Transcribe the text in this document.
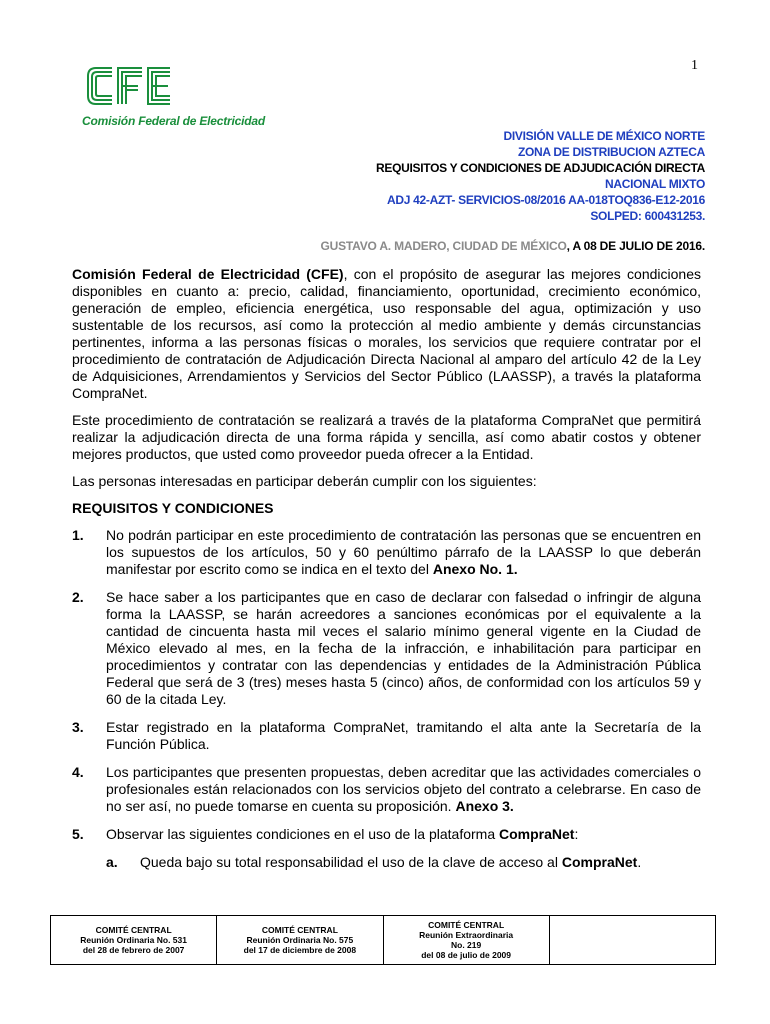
1
Comisión Federal de Electricidad
DIVISIÓN VALLE DE MÉXICO NORTE
ZONA DE DISTRIBUCION AZTECA
REQUISITOS Y CONDICIONES DE ADJUDICACIÓN DIRECTA
NACIONAL MIXTO
ADJ 42-AZT- SERVICIOS-08/2016 AA-018TOQ836-E12-2016
SOLPED: 600431253.
GUSTAVO A. MADERO, CIUDAD DE MÉXICO, A 08 DE JULIO DE 2016.

Comisión Federal de Electricidad (CFE), con el propósito de asegurar las mejores condiciones disponibles en cuanto a: precio, calidad, financiamiento, oportunidad, crecimiento económico, generación de empleo, eficiencia energética, uso responsable del agua, optimización y uso sustentable de los recursos, así como la protección al medio ambiente y demás circunstancias pertinentes, informa a las personas físicas o morales, los servicios que requiere contratar por el procedimiento de contratación de Adjudicación Directa Nacional al amparo del artículo 42 de la Ley de Adquisiciones, Arrendamientos y Servicios del Sector Público (LAASSP), a través la plataforma CompraNet.

Este procedimiento de contratación se realizará a través de la plataforma CompraNet que permitirá realizar la adjudicación directa de una forma rápida y sencilla, así como abatir costos y obtener mejores productos, que usted como proveedor pueda ofrecer a la Entidad.

Las personas interesadas en participar deberán cumplir con los siguientes:

REQUISITOS Y CONDICIONES
1.	No podrán participar en este procedimiento de contratación las personas que se encuentren en los supuestos de los artículos, 50 y 60 penúltimo párrafo de la LAASSP lo que deberán manifestar por escrito como se indica en el texto del Anexo No. 1.
2.	Se hace saber a los participantes que en caso de declarar con falsedad o infringir de alguna forma la LAASSP, se harán acreedores a sanciones económicas por el equivalente a la cantidad de cincuenta hasta mil veces el salario mínimo general vigente en la Ciudad de México elevado al mes, en la fecha de la infracción, e inhabilitación para participar en procedimientos y contratar con las dependencias y entidades de la Administración Pública Federal que será de 3 (tres) meses hasta 5 (cinco) años, de conformidad con los artículos 59 y 60 de la citada Ley.
3.	Estar registrado en la plataforma CompraNet, tramitando el alta ante la Secretaría de la Función Pública.
4.	Los participantes que presenten propuestas, deben acreditar que las actividades comerciales o profesionales están relacionados con los servicios objeto del contrato a celebrarse. En caso de no ser así, no puede tomarse en cuenta su proposición. Anexo 3.
5.	Observar las siguientes condiciones en el uso de la plataforma CompraNet:
a.	Queda bajo su total responsabilidad el uso de la clave de acceso al CompraNet.
COMITÉ CENTRAL
Reunión Ordinaria No. 531
del 28 de febrero de 2007
COMITÉ CENTRAL
Reunión Ordinaria No. 575
del 17 de diciembre de 2008
COMITÉ CENTRAL
Reunión Extraordinaria
No. 219
del 08 de julio de 2009
